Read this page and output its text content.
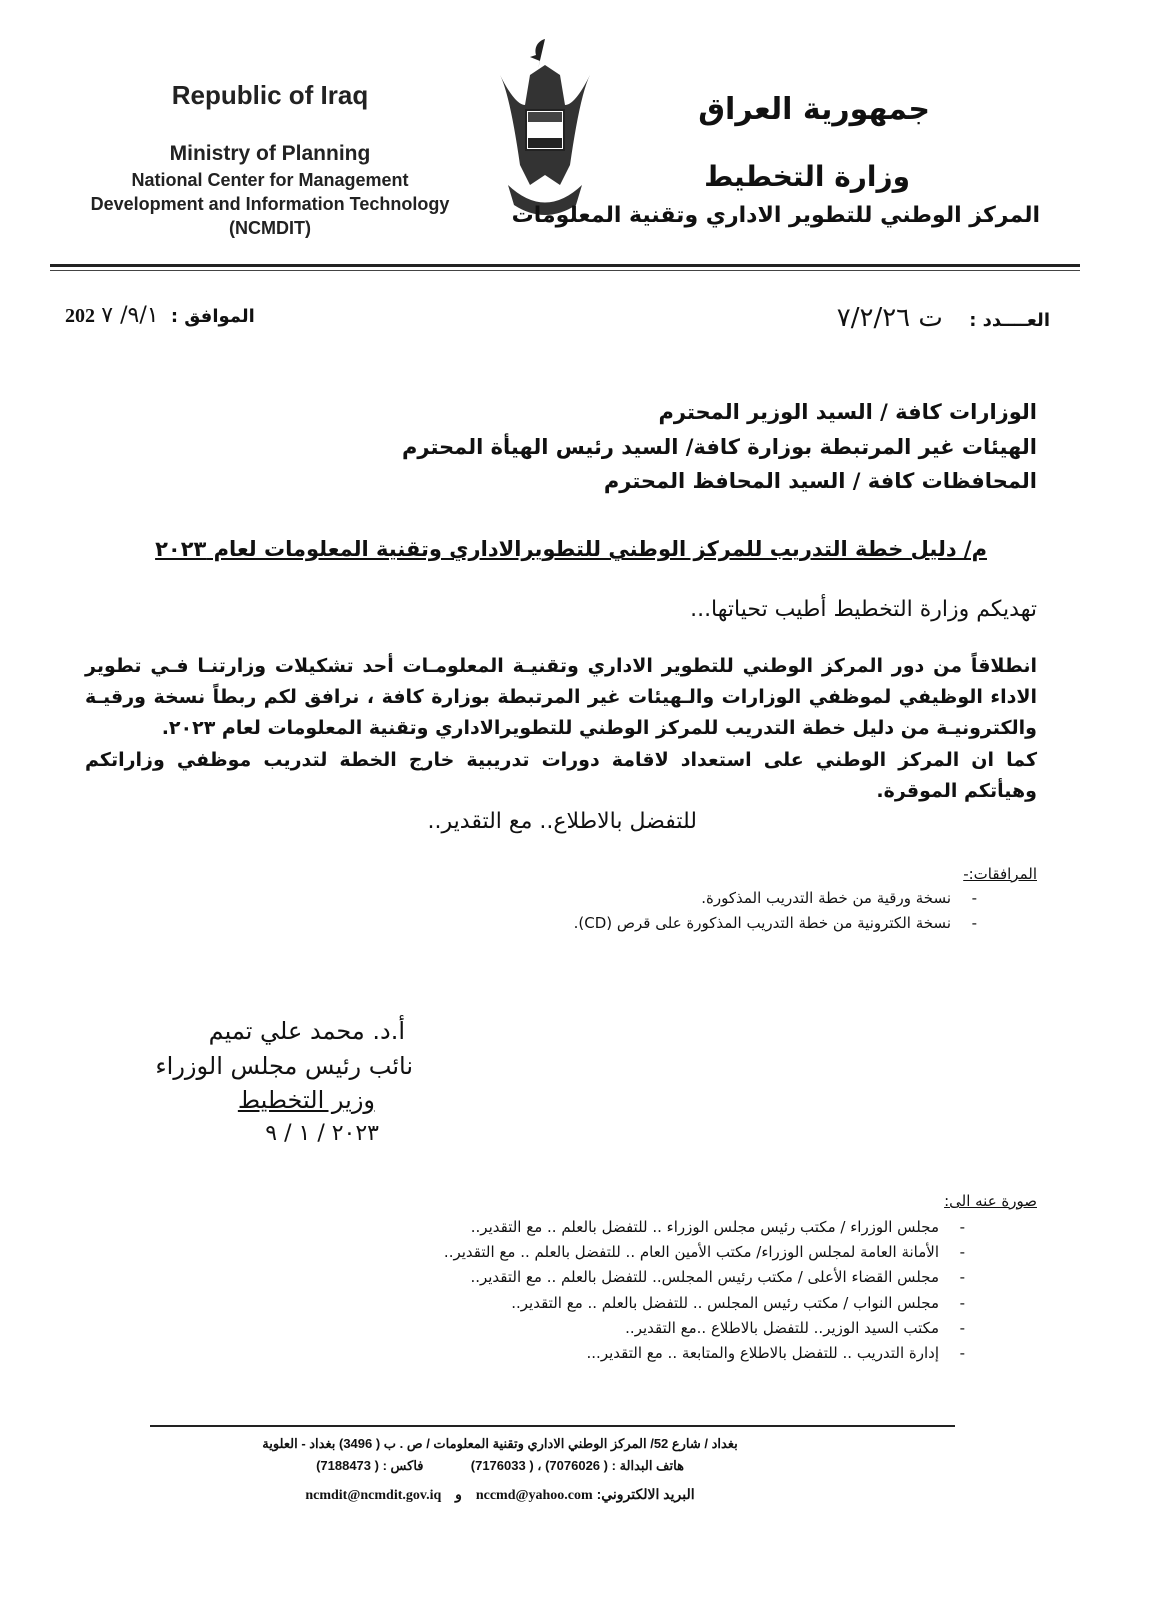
Republic of Iraq
Ministry of Planning
National Center for Management
Development and Information Technology
(NCMDIT)
جمهورية العراق
وزارة التخطيط
المركز الوطني للتطوير الاداري وتقنية المعلومات
العــــدد : ت ٧/٢/٢٦
الموافق : ٩/١/ ٧ 202
الوزارات كافة / السيد الوزير المحترم
الهيئات غير المرتبطة بوزارة كافة/ السيد رئيس الهيأة المحترم
المحافظات كافة / السيد المحافظ المحترم
م/ دليل خطة التدريب للمركز الوطني للتطويرالاداري وتقنية المعلومات لعام ٢٠٢٣
تهديكم وزارة التخطيط أطيب تحياتها...
انطلاقاً من دور المركز الوطني للتطوير الاداري وتقنيـة المعلومـات أحد تشكيلات وزارتنـا فـي تطوير الاداء الوظيفي لموظفي الوزارات والـهيئات غير المرتبطة بوزارة كافة ، نرافق لكم ربطاً نسخة ورقيـة والكترونيـة من دليل خطة التدريب للمركز الوطني للتطويرالاداري وتقنية المعلومات لعام ٢٠٢٣.
كما ان المركز الوطني على استعداد لاقامة دورات تدريبية خارج الخطة لتدريب موظفي وزاراتكم وهيأتكم الموقرة.
للتفضل بالاطلاع.. مع التقدير..
المرافقات:-
-نسخة ورقية من خطة التدريب المذكورة.
-نسخة الكترونية من خطة التدريب المذكورة على قرص (CD).
أ.د. محمد علي تميم
نائب رئيس مجلس الوزراء
وزير التخطيط
٢٠٢٣ / ١ / ٩
صورة عنه الى:
-مجلس الوزراء / مكتب رئيس مجلس الوزراء .. للتفضل بالعلم .. مع التقدير..
-الأمانة العامة لمجلس الوزراء/ مكتب الأمين العام .. للتفضل بالعلم .. مع التقدير..
-مجلس القضاء الأعلى / مكتب رئيس المجلس.. للتفضل بالعلم .. مع التقدير..
-مجلس النواب / مكتب رئيس المجلس .. للتفضل بالعلم .. مع التقدير..
-مكتب السيد الوزير.. للتفضل بالاطلاع ..مع التقدير..
-إدارة التدريب .. للتفضل بالاطلاع والمتابعة .. مع التقدير...
بغداد / شارع 52/ المركز الوطني الاداري وتقنية المعلومات / ص . ب ( 3496) بغداد - العلوية
هاتف البدالة : ( 7076026) ، ( 7176033)  فاكس : ( 7188473)
البريد الالكتروني: nccmd@yahoo.com و ncmdit@ncmdit.gov.iq
